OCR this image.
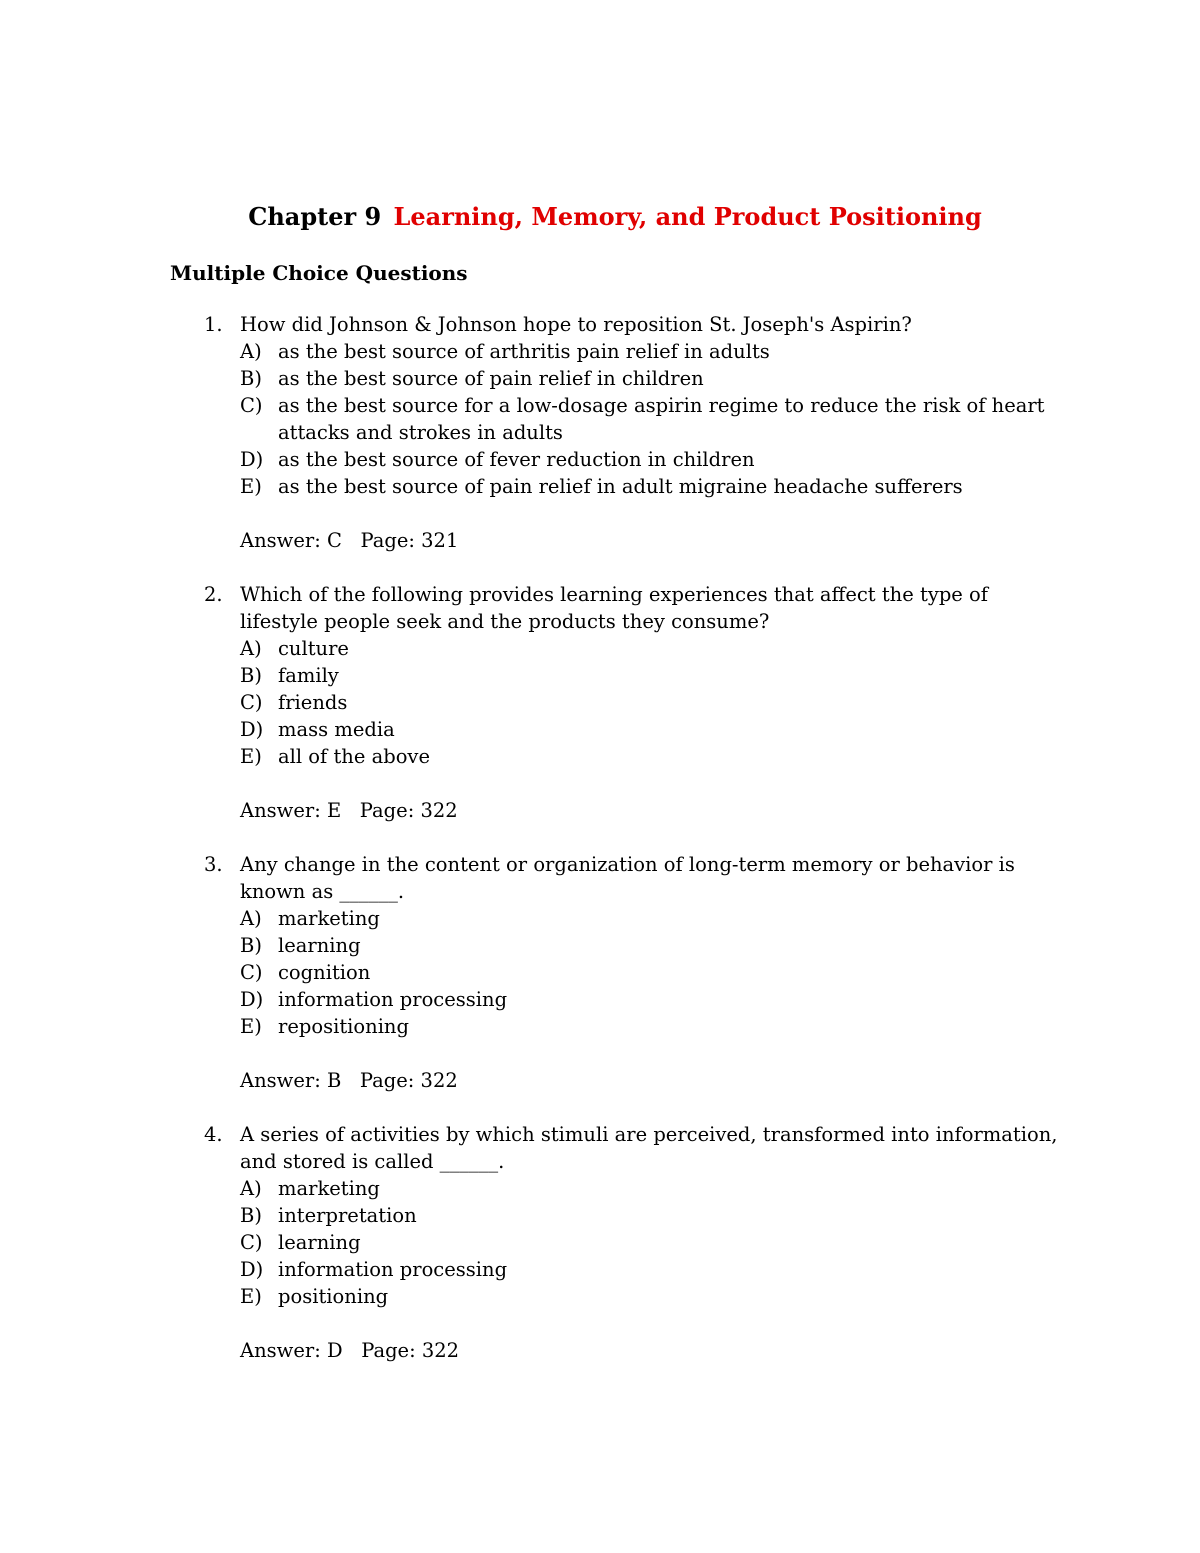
Chapter 9 Learning, Memory, and Product Positioning
Multiple Choice Questions
1. How did Johnson & Johnson hope to reposition St. Joseph's Aspirin?
A) as the best source of arthritis pain relief in adults
B) as the best source of pain relief in children
C) as the best source for a low-dosage aspirin regime to reduce the risk of heart attacks and strokes in adults
D) as the best source of fever reduction in children
E) as the best source of pain relief in adult migraine headache sufferers
Answer: C   Page: 321
2. Which of the following provides learning experiences that affect the type of lifestyle people seek and the products they consume?
A) culture
B) family
C) friends
D) mass media
E) all of the above
Answer: E   Page: 322
3. Any change in the content or organization of long-term memory or behavior is known as ______.
A) marketing
B) learning
C) cognition
D) information processing
E) repositioning
Answer: B   Page: 322
4. A series of activities by which stimuli are perceived, transformed into information, and stored is called ______.
A) marketing
B) interpretation
C) learning
D) information processing
E) positioning
Answer: D   Page: 322
